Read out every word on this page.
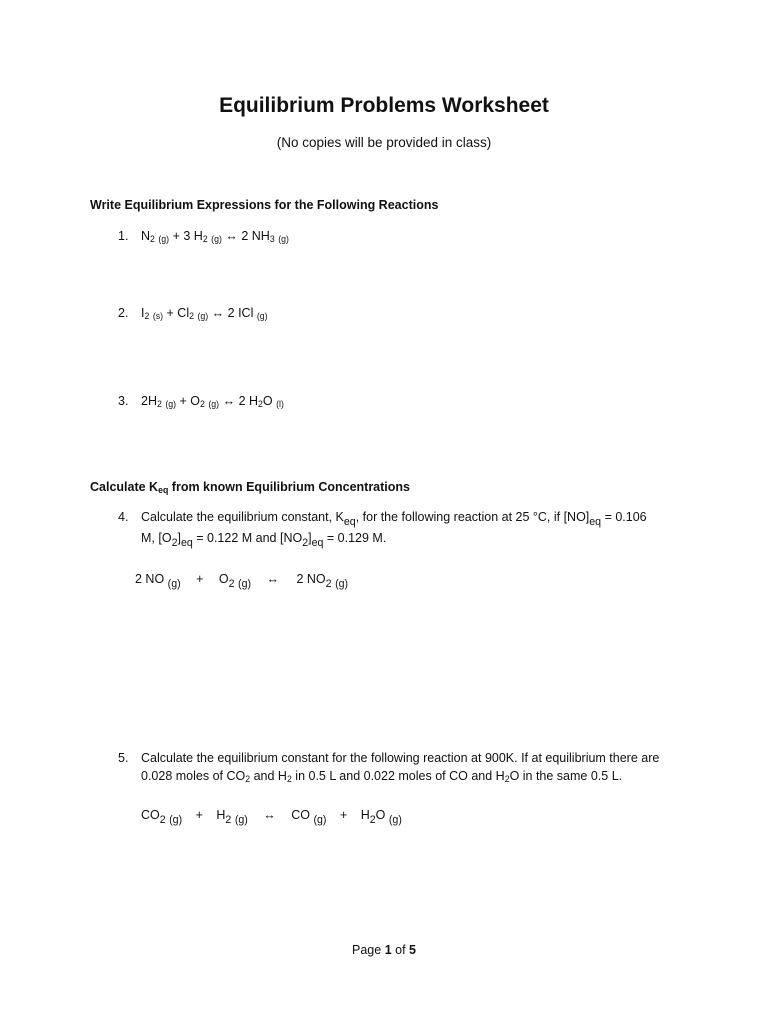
Equilibrium Problems Worksheet
(No copies will be provided in class)
Write Equilibrium Expressions for the Following Reactions
1. $N_2$ $_{(g)}$ + 3 $H_2$ $_{(g)}$ ↔ 2 $NH_3$ $_{(g)}$
2. $I_2$ $_{(s)} + Cl_2$ $_{(g)}$ ↔ 2 ICl $_{(g)}$
3. $2H_2$ $_{(g)} + O_2$ $_{(g)}$ ↔ 2 $H_2O$ $_{(l)}$
Calculate $K_{eq}$ from known Equilibrium Concentrations
4. Calculate the equilibrium constant, $K_{eq}$, for the following reaction at 25 °C, if $[NO]_{eq} = 0.106$
M, $[O_2]_{eq} = 0.122$ M and $[NO_2]_{eq} = 0.129$ M.
2 NO $_{(g)} + O_2$ $_{(g)}$ ↔ 2 $NO_2$ $_{(g)}$
5. Calculate the equilibrium constant for the following reaction at 900K. If at equilibrium there are
0.028 moles of $CO_2$ and $H_2$ in 0.5 L and 0.022 moles of CO and $H_2O$ in the same 0.5 L.
$CO_2$ $_{(g)} + H_2$ $_{(g)}$ ↔ CO $_{(g)} + H_2O$ $_{(g)}$
Page 1 of 5
